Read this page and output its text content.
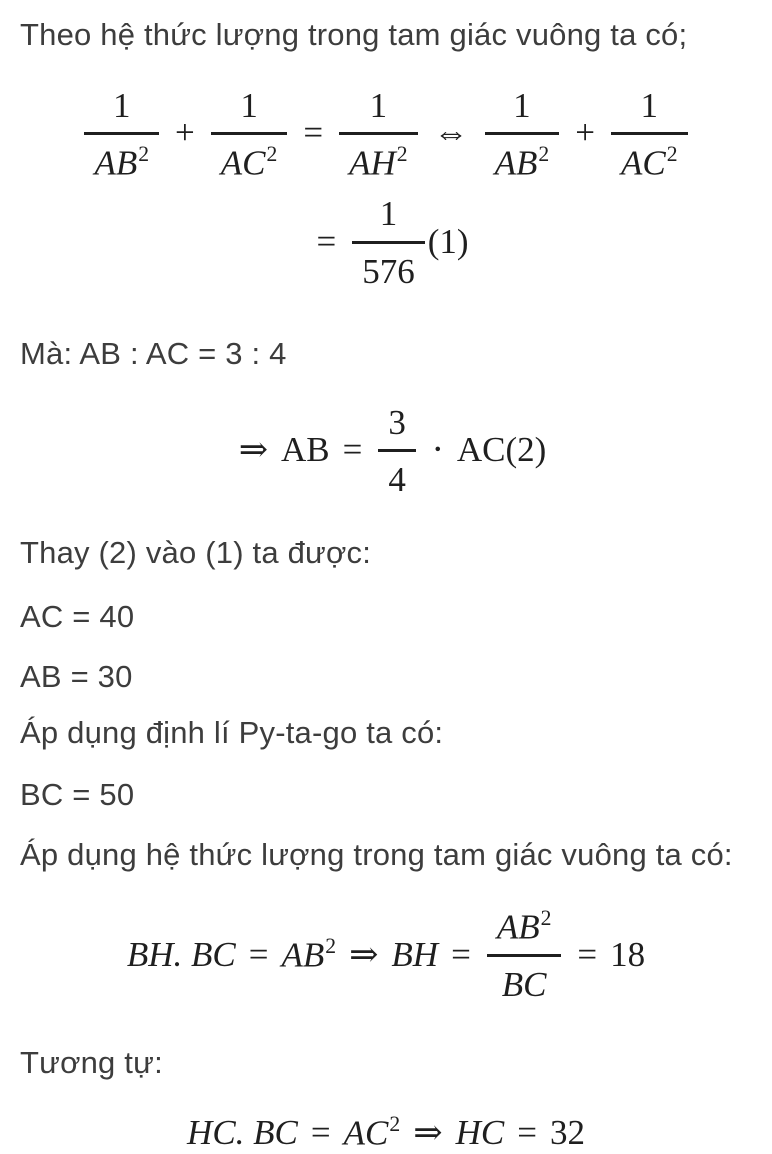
Theo hệ thức lượng trong tam giác vuông ta có;

$\frac{1}{AB^2} + \frac{1}{AC^2} = \frac{1}{AH^2}$ ⇔ $\frac{1}{AB^2} + \frac{1}{AC^2}$
= $\frac{1}{576} (1)$

Mà: AB : AC = 3 : 4

⇒ AB = $\frac{3}{4} \cdot AC(2)$

Thay (2) vào (1) ta được:

AC = 40

AB = 30

Áp dụng định lí Py-ta-go ta có:

BC = 50

Áp dụng hệ thức lượng trong tam giác vuông ta có:

BH. BC = $AB^2$ ⇒ BH = $\frac{AB^2}{BC} = 18$

Tương tự:

HC. BC = $AC^2$ ⇒ HC = 32
